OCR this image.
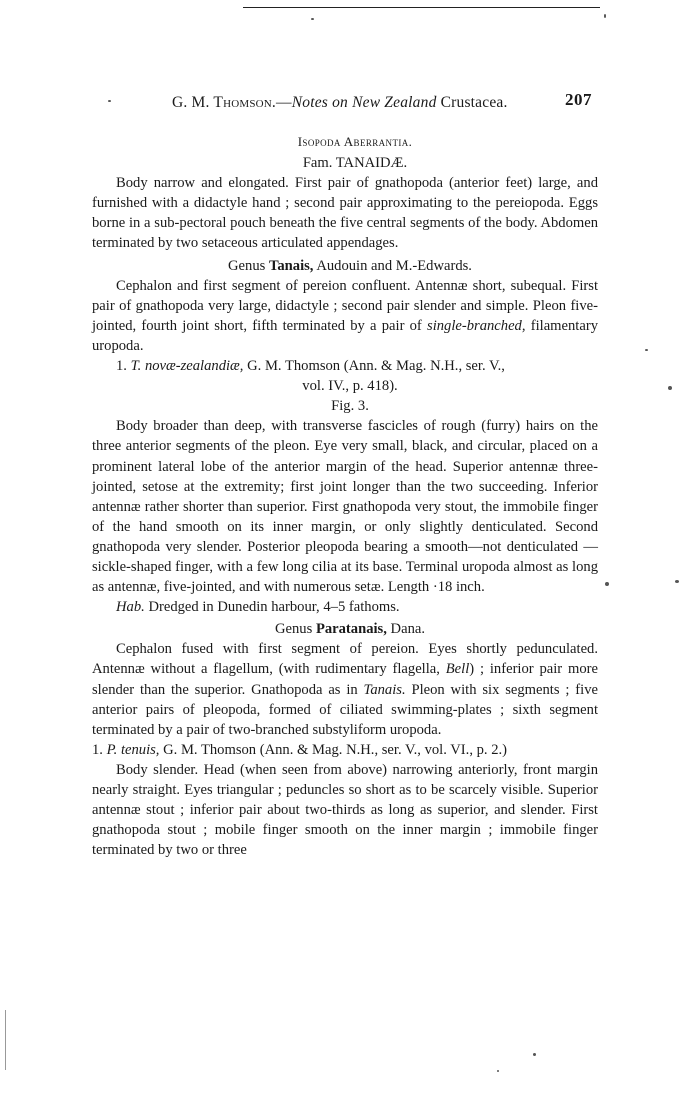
G. M. Thomson.—Notes on New Zealand Crustacea.	207
Isopoda Aberrantia.
Fam. TANAIDÆ.

Body narrow and elongated. First pair of gnathopoda (anterior feet) large, and furnished with a didactyle hand ; second pair approximating to the pereiopoda. Eggs borne in a sub-pectoral pouch beneath the five central segments of the body. Abdomen terminated by two setaceous articulated appendages.

Genus Tanais, Audouin and M.-Edwards.

Cephalon and first segment of pereion confluent. Antennæ short, subequal. First pair of gnathopoda very large, didactyle ; second pair slender and simple. Pleon five-jointed, fourth joint short, fifth terminated by a pair of single-branched, filamentary uropoda.

1. T. novæ-zealandiæ, G. M. Thomson (Ann. & Mag. N.H., ser. V.,

vol. IV., p. 418).
Fig. 3.

Body broader than deep, with transverse fascicles of rough (furry) hairs on the three anterior segments of the pleon. Eye very small, black, and circular, placed on a prominent lateral lobe of the anterior margin of the head. Superior antennæ three-jointed, setose at the extremity; first joint longer than the two succeeding. Inferior antennæ rather shorter than superior. First gnathopoda very stout, the immobile finger of the hand smooth on its inner margin, or only slightly denticulated. Second gnathopoda very slender. Posterior pleopoda bearing a smooth—not denticulated —sickle-shaped finger, with a few long cilia at its base. Terminal uropoda almost as long as antennæ, five-jointed, and with numerous setæ. Length ·18 inch.

Hab. Dredged in Dunedin harbour, 4–5 fathoms.

Genus Paratanais, Dana.

Cephalon fused with first segment of pereion. Eyes shortly pedunculated. Antennæ without a flagellum, (with rudimentary flagella, Bell) ; inferior pair more slender than the superior. Gnathopoda as in Tanais. Pleon with six segments ; five anterior pairs of pleopoda, formed of ciliated swimming-plates ; sixth segment terminated by a pair of two-branched substyliform uropoda.

1. P. tenuis, G. M. Thomson (Ann. & Mag. N.H., ser. V., vol. VI., p. 2.)

Body slender. Head (when seen from above) narrowing anteriorly, front margin nearly straight. Eyes triangular ; peduncles so short as to be scarcely visible. Superior antennæ stout ; inferior pair about two-thirds as long as superior, and slender. First gnathopoda stout ; mobile finger smooth on the inner margin ; immobile finger terminated by two or three
